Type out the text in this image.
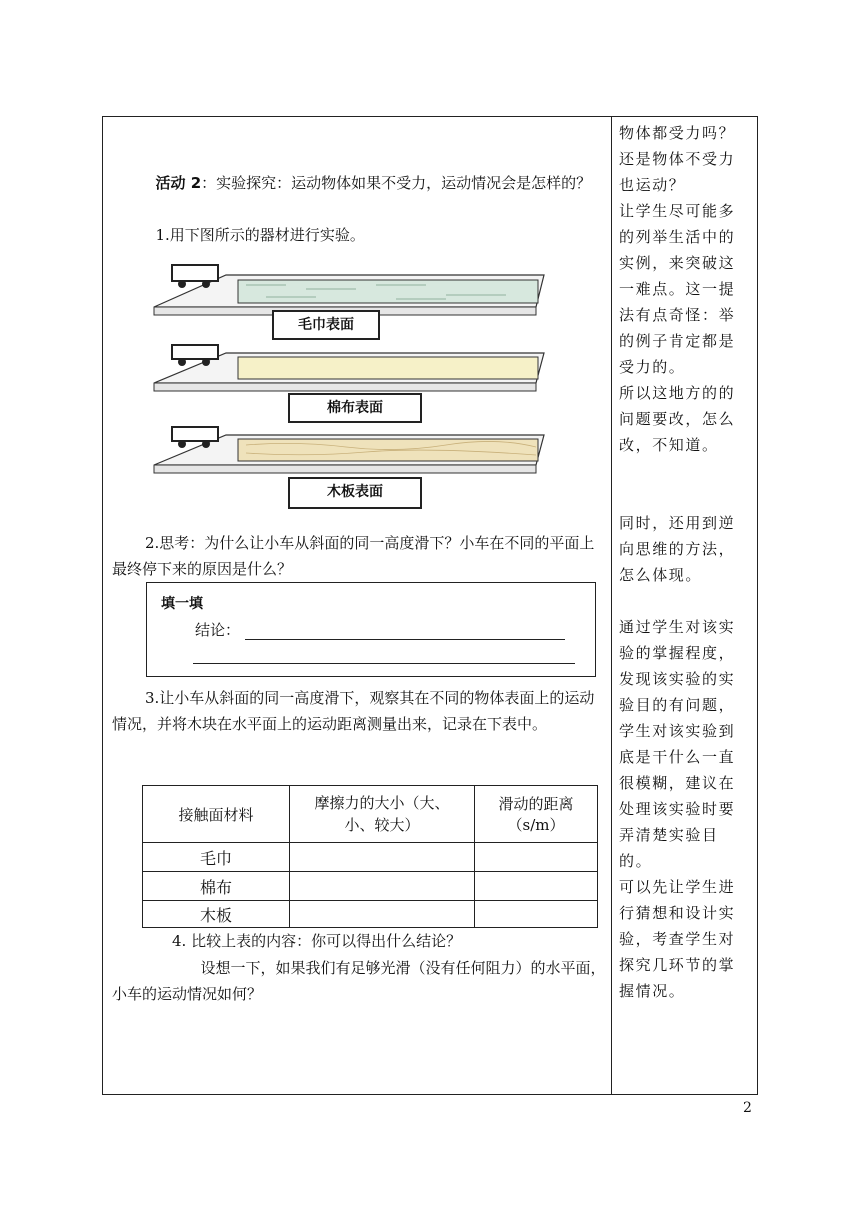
活动 2：实验探究：运动物体如果不受力，运动情况会是怎样的？
1.用下图所示的器材进行实验。
毛巾表面
棉布表面
木板表面
2.思考：为什么让小车从斜面的同一高度滑下？小车在不同的平面上最终停下来的原因是什么？
填一填
结论：
3.让小车从斜面的同一高度滑下，观察其在不同的物体表面上的运动情况，并将木块在水平面上的运动距离测量出来，记录在下表中。
接触面材料	摩擦力的大小（大、小、较大）	滑动的距离（s/m）
毛巾		
棉布		
木板		
4. 比较上表的内容：你可以得出什么结论？
设想一下，如果我们有足够光滑（没有任何阻力）的水平面，小车的运动情况如何？

物体都受力吗？还是物体不受力也运动？

让学生尽可能多的列举生活中的实例，来突破这一难点。这一提法有点奇怪：举的例子肯定都是受力的。

所以这地方的的问题要改，怎么改，不知道。

同时，还用到逆向思维的方法，怎么体现。

通过学生对该实验的掌握程度，发现该实验的实验目的有问题，学生对该实验到底是干什么一直很模糊，建议在处理该实验时要弄清楚实验目的。

可以先让学生进行猜想和设计实验，考查学生对探究几环节的掌握情况。

2
